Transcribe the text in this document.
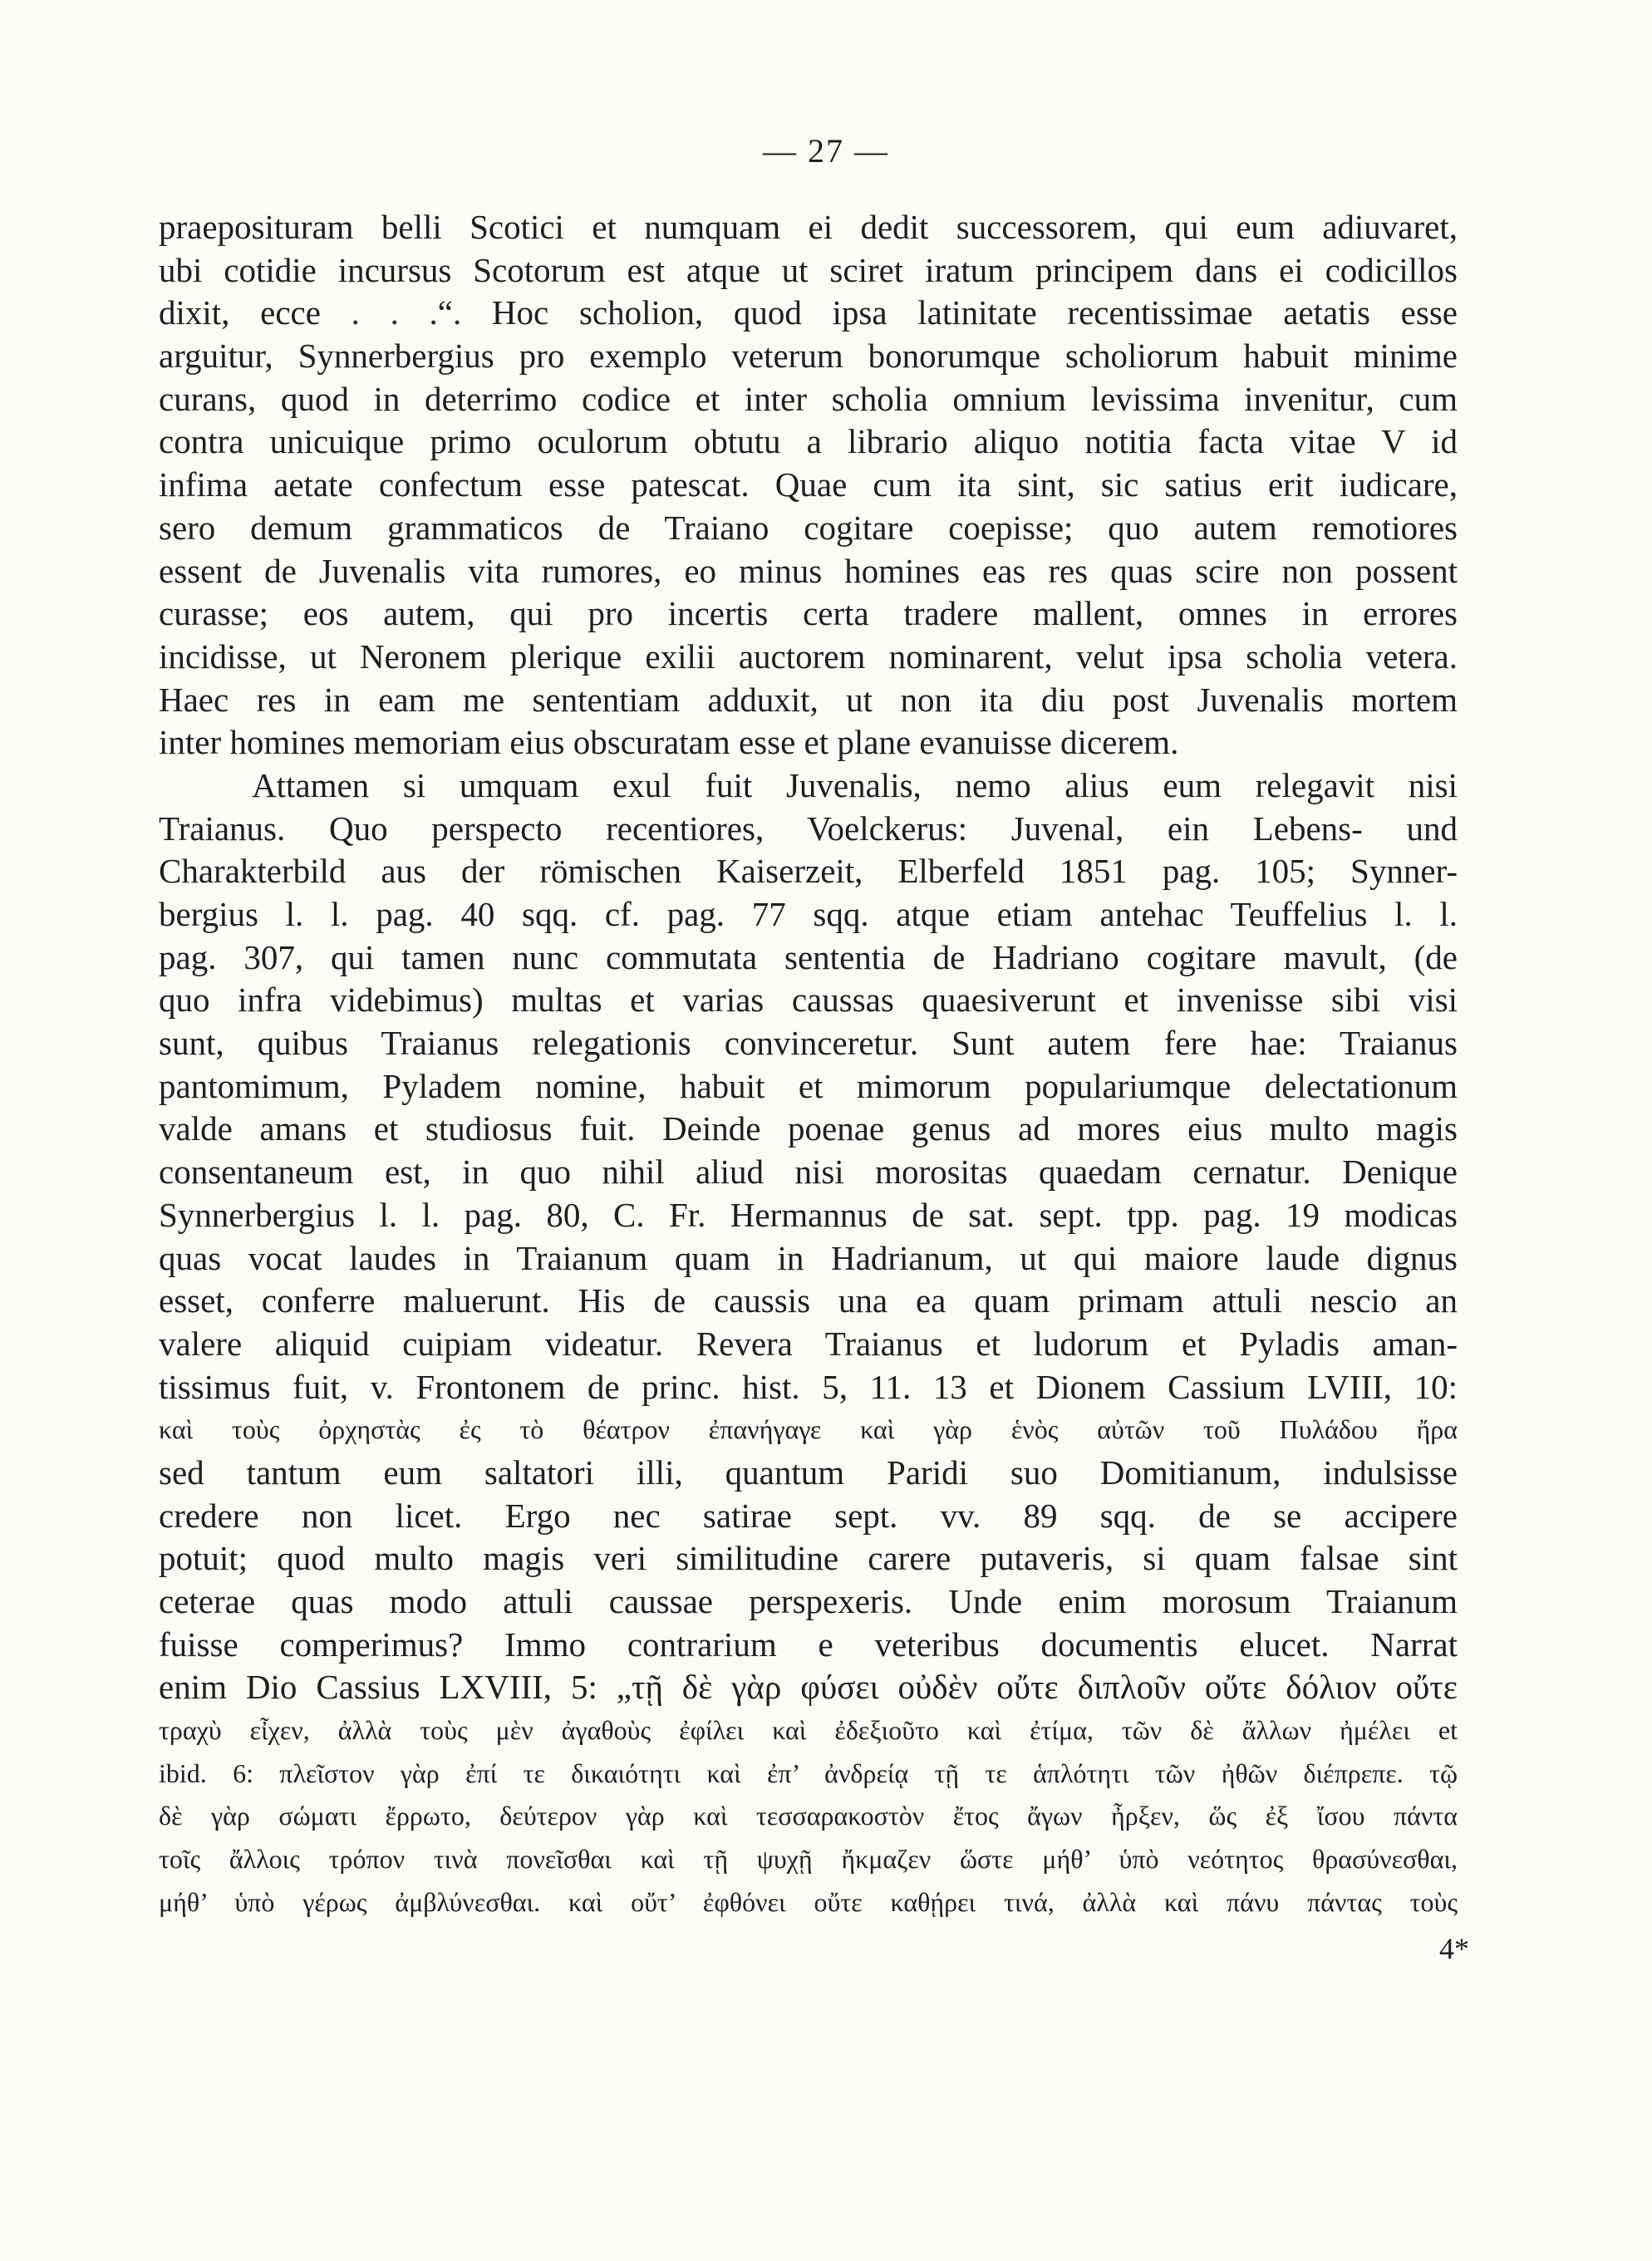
— 27 —
praeposituram belli Scotici et numquam ei dedit successorem, qui eum adiuvaret,
ubi cotidie incursus Scotorum est atque ut sciret iratum principem dans ei codicillos
dixit, ecce . . .“. Hoc scholion, quod ipsa latinitate recentissimae aetatis esse
arguitur, Synnerbergius pro exemplo veterum bonorumque scholiorum habuit minime
curans, quod in deterrimo codice et inter scholia omnium levissima invenitur, cum
contra unicuique primo oculorum obtutu a librario aliquo notitia facta vitae V id
infima aetate confectum esse patescat. Quae cum ita sint, sic satius erit iudicare,
sero demum grammaticos de Traiano cogitare coepisse; quo autem remotiores
essent de Juvenalis vita rumores, eo minus homines eas res quas scire non possent
curasse; eos autem, qui pro incertis certa tradere mallent, omnes in errores
incidisse, ut Neronem plerique exilii auctorem nominarent, velut ipsa scholia vetera.
Haec res in eam me sententiam adduxit, ut non ita diu post Juvenalis mortem
inter homines memoriam eius obscuratam esse et plane evanuisse dicerem.
Attamen si umquam exul fuit Juvenalis, nemo alius eum relegavit nisi
Traianus. Quo perspecto recentiores, Voelckerus: Juvenal, ein Lebens- und
Charakterbild aus der römischen Kaiserzeit, Elberfeld 1851 pag. 105; Synner-
bergius l. l. pag. 40 sqq. cf. pag. 77 sqq. atque etiam antehac Teuffelius l. l.
pag. 307, qui tamen nunc commutata sententia de Hadriano cogitare mavult, (de
quo infra videbimus) multas et varias caussas quaesiverunt et invenisse sibi visi
sunt, quibus Traianus relegationis convinceretur. Sunt autem fere hae: Traianus
pantomimum, Pyladem nomine, habuit et mimorum populariumque delectationum
valde amans et studiosus fuit. Deinde poenae genus ad mores eius multo magis
consentaneum est, in quo nihil aliud nisi morositas quaedam cernatur. Denique
Synnerbergius l. l. pag. 80, C. Fr. Hermannus de sat. sept. tpp. pag. 19 modicas
quas vocat laudes in Traianum quam in Hadrianum, ut qui maiore laude dignus
esset, conferre maluerunt. His de caussis una ea quam primam attuli nescio an
valere aliquid cuipiam videatur. Revera Traianus et ludorum et Pyladis aman-
tissimus fuit, v. Frontonem de princ. hist. 5, 11. 13 et Dionem Cassium LVIII, 10:
καὶ τοὺς ὀρχηστὰς ἐς τὸ θέατρον ἐπανήγαγε καὶ γὰρ ἑνὸς αὐτῶν τοῦ Πυλάδου ἤρα
sed tantum eum saltatori illi, quantum Paridi suo Domitianum, indulsisse
credere non licet. Ergo nec satirae sept. vv. 89 sqq. de se accipere
potuit; quod multo magis veri similitudine carere putaveris, si quam falsae sint
ceterae quas modo attuli caussae perspexeris. Unde enim morosum Traianum
fuisse comperimus? Immo contrarium e veteribus documentis elucet. Narrat
enim Dio Cassius LXVIII, 5: „τῇ δὲ γὰρ φύσει οὐδὲν οὔτε διπλοῦν οὔτε δόλιον οὔτε
τραχὺ εἶχεν, ἀλλὰ τοὺς μὲν ἀγαθοὺς ἐφίλει καὶ ἐδεξιοῦτο καὶ ἐτίμα, τῶν δὲ ἄλλων ἠμέλει et
ibid. 6: πλεῖστον γὰρ ἐπί τε δικαιότητι καὶ ἐπ’ ἀνδρείᾳ τῇ τε ἁπλότητι τῶν ἠθῶν διέπρεπε. τῷ
δὲ γὰρ σώματι ἔρρωτο, δεύτερον γὰρ καὶ τεσσαρακοστὸν ἔτος ἄγων ἦρξεν, ὥς ἐξ ἴσου πάντα
τοῖς ἄλλοις τρόπον τινὰ πονεῖσθαι καὶ τῇ ψυχῇ ἤκμαζεν ὥστε μήθ’ ὑπὸ νεότητος θρασύνεσθαι,
μήθ’ ὑπὸ γέρως ἀμβλύνεσθαι. καὶ οὔτ’ ἐφθόνει οὔτε καθῄρει τινά, ἀλλὰ καὶ πάνυ πάντας τοὺς
4*
